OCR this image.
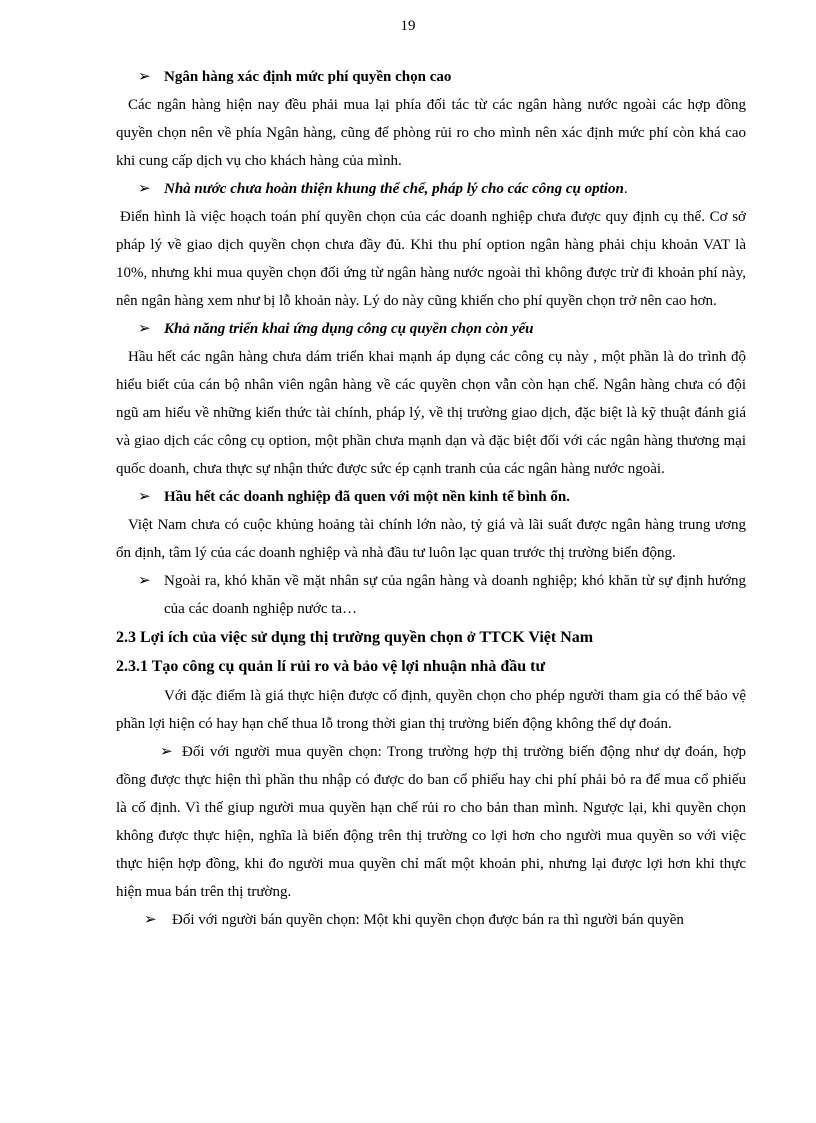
19

➢ Ngân hàng xác định mức phí quyền chọn cao

Các ngân hàng hiện nay đều phải mua lại phía đối tác từ các ngân hàng nước ngoài các hợp đồng quyền chọn nên về phía Ngân hàng, cũng để phòng rủi ro cho mình nên xác định mức phí còn khá cao khi cung cấp dịch vụ cho khách hàng của mình.

➢ Nhà nước chưa hoàn thiện khung thể chế, pháp lý cho các công cụ option.

Điển hình là việc hoạch toán phí quyền chọn của các doanh nghiệp chưa được quy định cụ thể. Cơ sở pháp lý về giao dịch quyền chọn chưa đầy đủ. Khi thu phí option ngân hàng phải chịu khoản VAT là 10%, nhưng khi mua quyền chọn đối ứng từ ngân hàng nước ngoài thì không được trừ đi khoản phí này, nên ngân hàng xem như bị lỗ khoản này. Lý do này cũng khiến cho phí quyền chọn trở nên cao hơn.

➢ Khả năng triển khai ứng dụng công cụ quyền chọn còn yếu

Hầu hết các ngân hàng chưa dám triển khai mạnh áp dụng các công cụ này , một phần là do trình độ hiểu biết của cán bộ nhân viên ngân hàng về các quyền chọn vẫn còn hạn chế. Ngân hàng chưa có đội ngũ am hiểu về những kiến thức tài chính, pháp lý, về thị trường giao dịch, đặc biệt là kỹ thuật đánh giá và giao dịch các công cụ option, một phần chưa mạnh dạn và đặc biệt đối với các ngân hàng thương mại quốc doanh, chưa thực sự nhận thức được sức ép cạnh tranh của các ngân hàng nước ngoài.

➢ Hầu hết các doanh nghiệp đã quen với một nền kinh tế bình ổn.

Việt Nam chưa có cuộc khủng hoảng tài chính lớn nào, tỷ giá và lãi suất được ngân hàng trung ương ổn định, tâm lý của các doanh nghiệp và nhà đầu tư luôn lạc quan trước thị trường biến động.

➢ Ngoài ra, khó khăn về mặt nhân sự của ngân hàng và doanh nghiệp; khó khăn từ sự định hướng của các doanh nghiệp nước ta…

2.3 Lợi ích của việc sử dụng thị trường quyền chọn ở TTCK Việt Nam

2.3.1 Tạo công cụ quản lí rủi ro và bảo vệ lợi nhuận nhà đầu tư

Với đặc điểm là giá thực hiện được cố định, quyền chọn cho phép người tham gia có thể bảo vệ phần lợi hiện có hay hạn chế thua lỗ trong thời gian thị trường biến động không thể dự đoán.

➢ Đối với người mua quyền chọn: Trong trường hợp thị trường biến động như dự đoán, hợp đồng được thực hiện thì phần thu nhập có được do ban cổ phiếu hay chi phí phải bỏ ra để mua cổ phiếu là cố định. Vì thế giup người mua quyền hạn chế rủi ro cho bản than mình. Ngược lại, khi quyền chọn không được thực hiện, nghĩa là biến động trên thị trường co lợi hơn cho người mua quyền so với việc thực hiện hợp đồng, khi đo người mua quyền chỉ mất một khoản phi, nhưng lại được lợi hơn khi thực hiện mua bán trên thị trường.

➢ Đối với người bán quyền chọn: Một khi quyền chọn được bán ra thì người bán quyền
